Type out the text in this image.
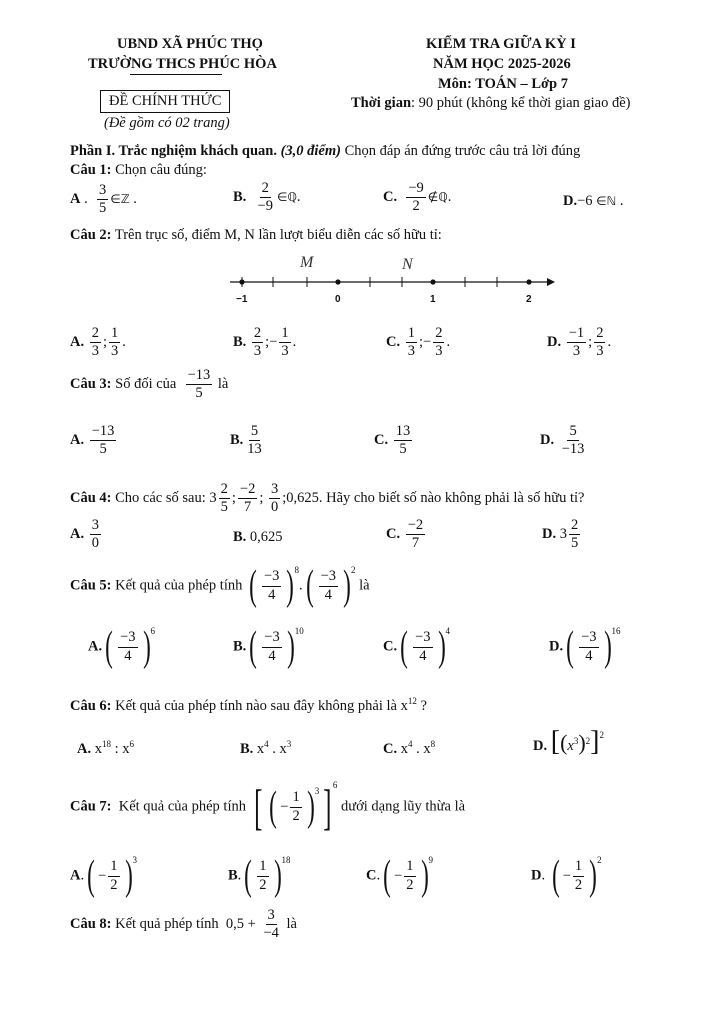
UBND XÃ PHÚC THỌ
TRƯỜNG THCS PHÚC HÒA
ĐỀ CHÍNH THỨC
(Đề gồm có 02 trang)
KIỂM TRA GIỮA KỲ I
NĂM HỌC 2025-2026
Môn: TOÁN – Lớp 7
Thời gian: 90 phút (không kể thời gian giao đề)
Phần I. Trắc nghiệm khách quan. (3,0 điểm) Chọn đáp án đứng trước câu trả lời đúng
Câu 1: Chọn câu đúng:
A . $\frac{3}{5}$ ∈ℤ .	B. $\frac{2}{-9}$ ∈ℚ.	C. $\frac{-9}{2}$ ∉ℚ.	D.−6 ∈ℕ .
Câu 2: Trên trục số, điểm M, N lần lượt biểu diễn các số hữu tỉ:
M	N
−1	0	1	2
A. $\frac{2}{3}$ ; $\frac{1}{3}$ .	B. $\frac{2}{3}$ ;− $\frac{1}{3}$ .	C. $\frac{1}{3}$ ;− $\frac{2}{3}$ .	D. $\frac{-1}{3}$ ; $\frac{2}{3}$ .
Câu 3: Số đối của $\frac{-13}{5}$ là
A. $\frac{-13}{5}$	B. $\frac{5}{13}$	C. $\frac{13}{5}$	D. $\frac{5}{-13}$
Câu 4: Cho các số sau: $3 \frac{2}{5}$ ; $\frac{-2}{7}$ ; $\frac{3}{0}$ ;0,625. Hãy cho biết số nào không phải là số hữu tỉ?
A. $\frac{3}{0}$	B. 0,625	C. $\frac{-2}{7}$	D. $3 \frac{2}{5}$
Câu 5: Kết quả của phép tính ( $\frac{-3}{4}$ ) 8
. ( $\frac{-3}{4}$ ) 2
là
A. ( $\frac{-3}{4}$ ) 6
B. ( $\frac{-3}{4}$ ) 10
C. ( $\frac{-3}{4}$ ) 4
D. ( $\frac{-3}{4}$ ) 16
Câu 6: Kết quả của phép tính nào sau đây không phải là $x^{12}$ ?
A. $x^{18}$ : $x^6$	B. $x^4$ . $x^3$	C. $x^4$ . $x^8$	D. $[(x^3)^2]^2$
Câu 7: Kết quả của phép tính [ ( − $\frac{1}{2}$ ) 3 ] 6
dưới dạng lũy thừa là
A. ( − $\frac{1}{2}$ ) 3
B. ( $\frac{1}{2}$ ) 18
C. ( − $\frac{1}{2}$ ) 9
D. ( − $\frac{1}{2}$ ) 2
Câu 8: Kết quả phép tính  $0,5 + \frac{3}{-4}$ là
